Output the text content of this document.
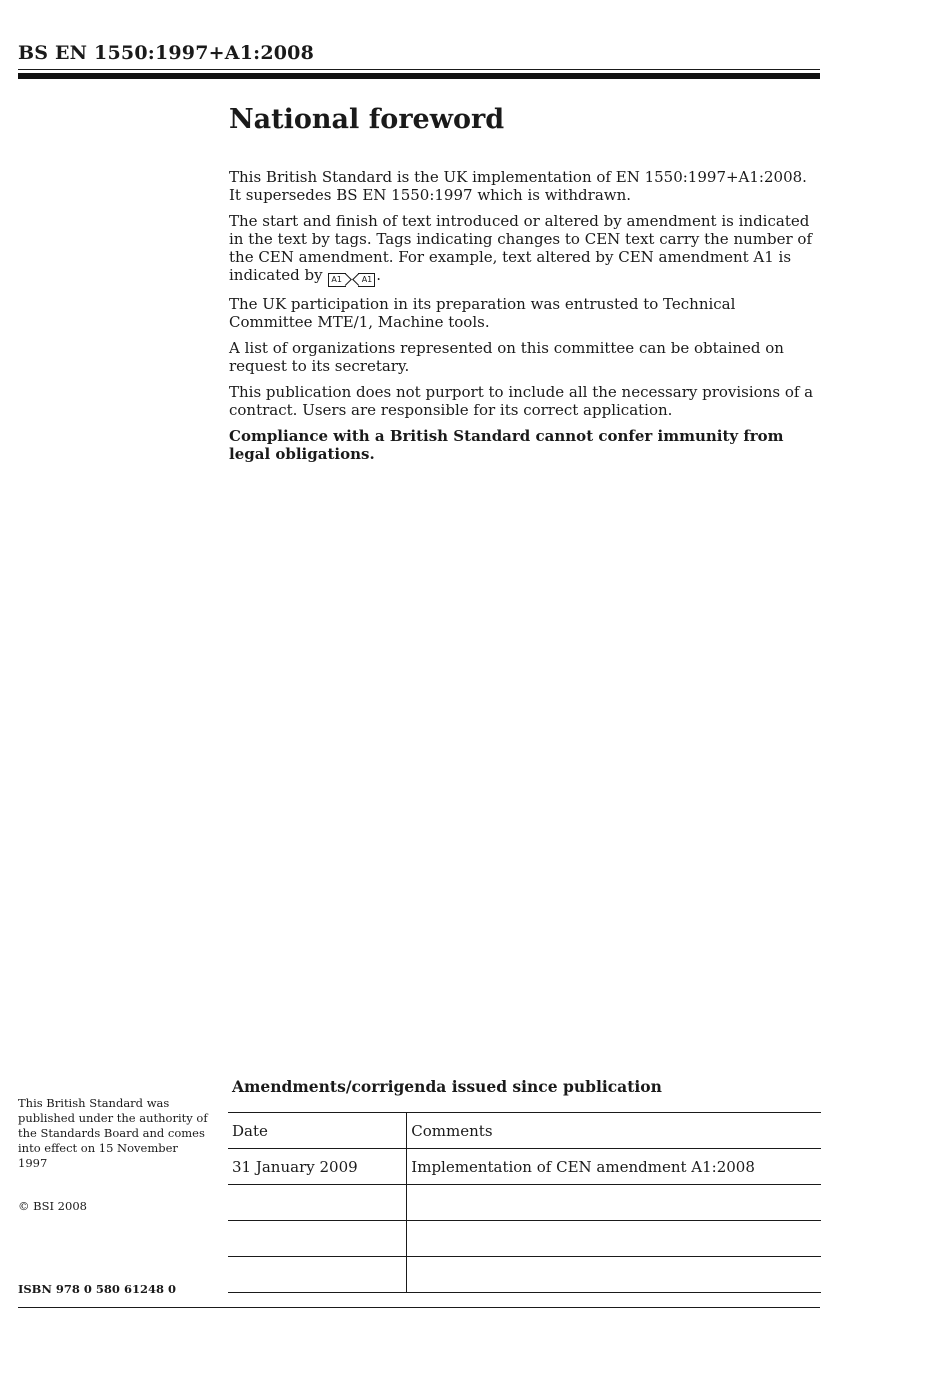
BS EN 1550:1997+A1:2008
National foreword

This British Standard is the UK implementation of EN 1550:1997+A1:2008. It supersedes BS EN 1550:1997 which is withdrawn.

The start and finish of text introduced or altered by amendment is indicated in the text by tags. Tags indicating changes to CEN text carry the number of the CEN amendment. For example, text altered by CEN amendment A1 is indicated by A1 A1 .

The UK participation in its preparation was entrusted to Technical Committee MTE/1, Machine tools.

A list of organizations represented on this committee can be obtained on request to its secretary.

This publication does not purport to include all the necessary provisions of a contract. Users are responsible for its correct application.

Compliance with a British Standard cannot confer immunity from legal obligations.

This British Standard was published under the authority of the Standards Board and comes into effect on 15 November 1997
© BSI 2008
ISBN 978 0 580 61248 0
Amendments/corrigenda issued since publication
Date	Comments
31 January 2009	Implementation of CEN amendment A1:2008
